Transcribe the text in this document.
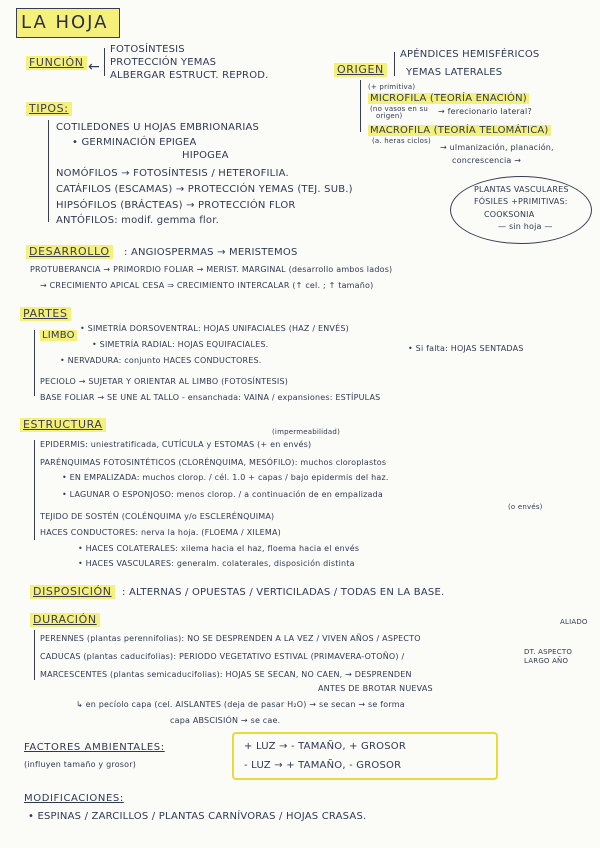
LA HOJA
FUNCIÓN ←
FOTOSÍNTESIS
PROTECCIÓN YEMAS
ALBERGAR ESTRUCT. REPROD.	ORIGEN
APÉNDICES HEMISFÉRICOS
YEMAS LATERALES
(+ primitiva)
MICROFILA (TEORÍA ENACIÓN)
(no vasos en su
origen)	→ ferecionario lateral?
MACROFILA (TEORÍA TELOMÁTICA)
(a. heras ciclos)
→ ulmanización, planación,
concrescencia →
PLANTAS VASCULARES
FÓSILES +PRIMITIVAS:
COOKSONIA
— sin hoja —
TIPOS:
COTILEDONES U HOJAS EMBRIONARIAS
• GERMINACIÓN EPIGEA
HIPOGEA
NOMÓFILOS → FOTOSÍNTESIS / HETEROFILIA.
CATÁFILOS (ESCAMAS) → PROTECCIÓN YEMAS (TEJ. SUB.)
HIPSÓFILOS (BRÁCTEAS) → PROTECCIÓN FLOR
ANTÓFILOS: modif. gemma flor.
DESARROLLO	: ANGIOSPERMAS → MERISTEMOS
PROTUBERANCIA → PRIMORDIO FOLIAR → MERIST. MARGINAL (desarrollo ambos lados)
→ CRECIMIENTO APICAL CESA ⇒ CRECIMIENTO INTERCALAR (↑ cel. ; ↑ tamaño)
PARTES
LIMBO
• SIMETRÍA DORSOVENTRAL: HOJAS UNIFACIALES (HAZ / ENVÉS)
• SIMETRÍA RADIAL: HOJAS EQUIFACIALES.
• NERVADURA: conjunto HACES CONDUCTORES.
• Si falta: HOJAS SENTADAS
PECIOLO → SUJETAR Y ORIENTAR AL LIMBO (FOTOSÍNTESIS)
BASE FOLIAR → SE UNE AL TALLO - ensanchada: VAINA / expansiones: ESTÍPULAS
ESTRUCTURA
(impermeabilidad)
EPIDERMIS: uniestratificada, CUTÍCULA y ESTOMAS (+ en envés)
PARÉNQUIMAS FOTOSINTÉTICOS (CLORÉNQUIMA, MESÓFILO): muchos cloroplastos
• EN EMPALIZADA: muchos clorop. / cél. 1.0 + capas / bajo epidermis del haz.
• LAGUNAR O ESPONJOSO: menos clorop. / a continuación de en empalizada
(o envés)
TEJIDO DE SOSTÉN (COLÉNQUIMA y/o ESCLERÉNQUIMA)
HACES CONDUCTORES: nerva la hoja. (FLOEMA / XILEMA)
• HACES COLATERALES: xilema hacia el haz, floema hacia el envés
• HACES VASCULARES: generalm. colaterales, disposición distinta
DISPOSICIÓN	: ALTERNAS / OPUESTAS / VERTICILADAS / TODAS EN LA BASE.
DURACIÓN
PERENNES (plantas perennifolias): NO SE DESPRENDEN A LA VEZ / VIVEN AÑOS / ASPECTO
ALIADO
CADUCAS (plantas caducifolias): PERIODO VEGETATIVO ESTIVAL (PRIMAVERA-OTOÑO) /	DT. ASPECTO
LARGO AÑO
MARCESCENTES (plantas semicaducifolias): HOJAS SE SECAN, NO CAEN, → DESPRENDEN
ANTES DE BROTAR NUEVAS
↳ en pecíolo capa (cel. AISLANTES (deja de pasar H₂O) → se secan → se forma
capa ABSCISIÓN → se cae.
FACTORES AMBIENTALES:
(influyen tamaño y grosor)
+ LUZ → - TAMAÑO, + GROSOR
- LUZ → + TAMAÑO, - GROSOR
MODIFICACIONES:
• ESPINAS / ZARCILLOS / PLANTAS CARNÍVORAS / HOJAS CRASAS.
